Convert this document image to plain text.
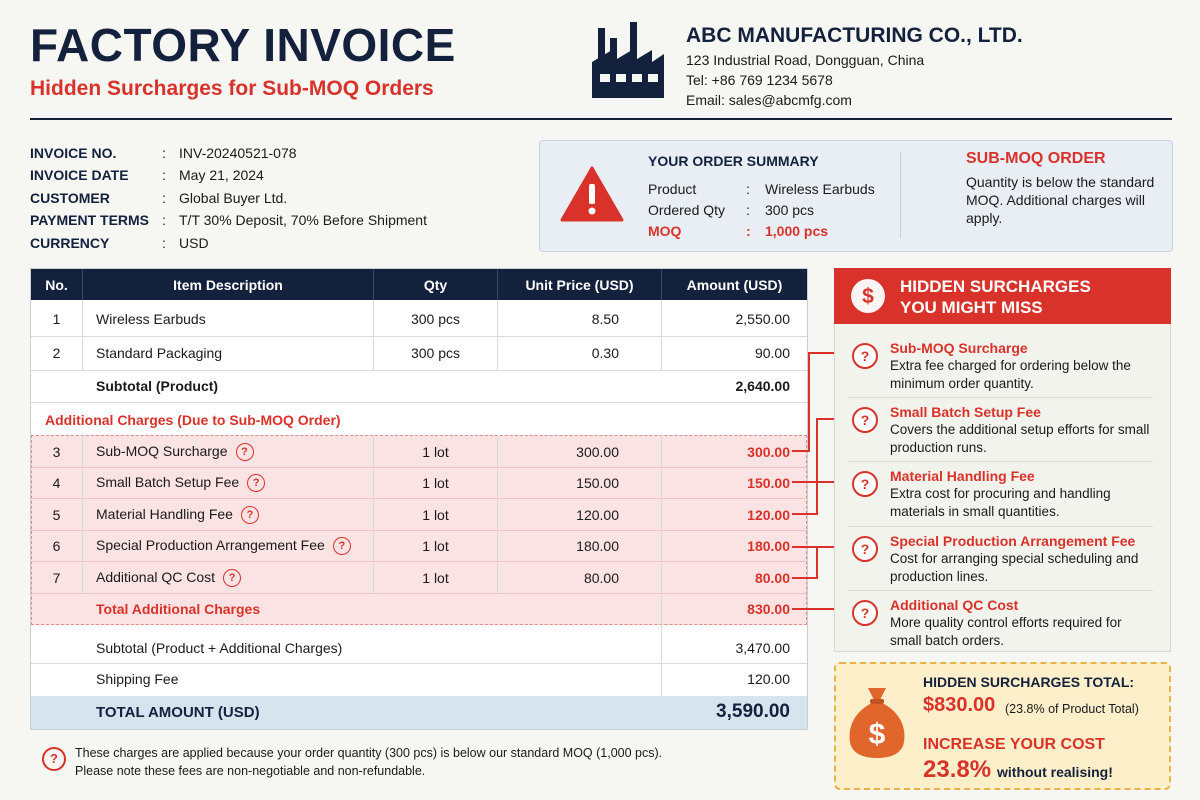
FACTORY INVOICE
Hidden Surcharges for Sub-MOQ Orders
ABC MANUFACTURING CO., LTD.
123 Industrial Road, Dongguan, China
Tel: +86 769 1234 5678
Email: sales@abcmfg.com
INVOICE NO.	: INV-20240521-078
INVOICE DATE : May 21, 2024
CUSTOMER	: Global Buyer Ltd.
PAYMENT TERMS : T/T 30% Deposit, 70% Before Shipment
CURRENCY	: USD
YOUR ORDER SUMMARY
Product	: Wireless Earbuds
Ordered Qty : 300 pcs
MOQ	: 1,000 pcs
SUB-MOQ ORDER
Quantity is below the standard MOQ. Additional charges will apply.
No.	Item Description	Qty	Unit Price (USD)	Amount (USD)
1	Wireless Earbuds	300 pcs	8.50	2,550.00
2	Standard Packaging	300 pcs	0.30	90.00
Subtotal (Product)	2,640.00
Additional Charges (Due to Sub-MOQ Order)
3	Sub-MOQ Surcharge ?	1 lot	300.00	300.00
4	Small Batch Setup Fee ?	1 lot	150.00	150.00
5	Material Handling Fee ?	1 lot	120.00	120.00
6	Special Production Arrangement Fee ?	1 lot	180.00	180.00
7	Additional QC Cost ?	1 lot	80.00	80.00
Total Additional Charges	830.00
Subtotal (Product + Additional Charges)	3,470.00
Shipping Fee	120.00
TOTAL AMOUNT (USD)	3,590.00
$ HIDDEN SURCHARGES
YOU MIGHT MISS
?	Sub-MOQ Surcharge
Extra fee charged for ordering below the minimum order quantity.
?	Small Batch Setup Fee
Covers the additional setup efforts for small production runs.
?	Material Handling Fee
Extra cost for procuring and handling materials in small quantities.
?	Special Production Arrangement Fee
Cost for arranging special scheduling and production lines.
?	Additional QC Cost
More quality control efforts required for small batch orders.
$
HIDDEN SURCHARGES TOTAL:
$830.00 (23.8% of Product Total)
INCREASE YOUR COST
23.8% without realising!
?	These charges are applied because your order quantity (300 pcs) is below our standard MOQ (1,000 pcs).
Please note these fees are non-negotiable and non-refundable.
